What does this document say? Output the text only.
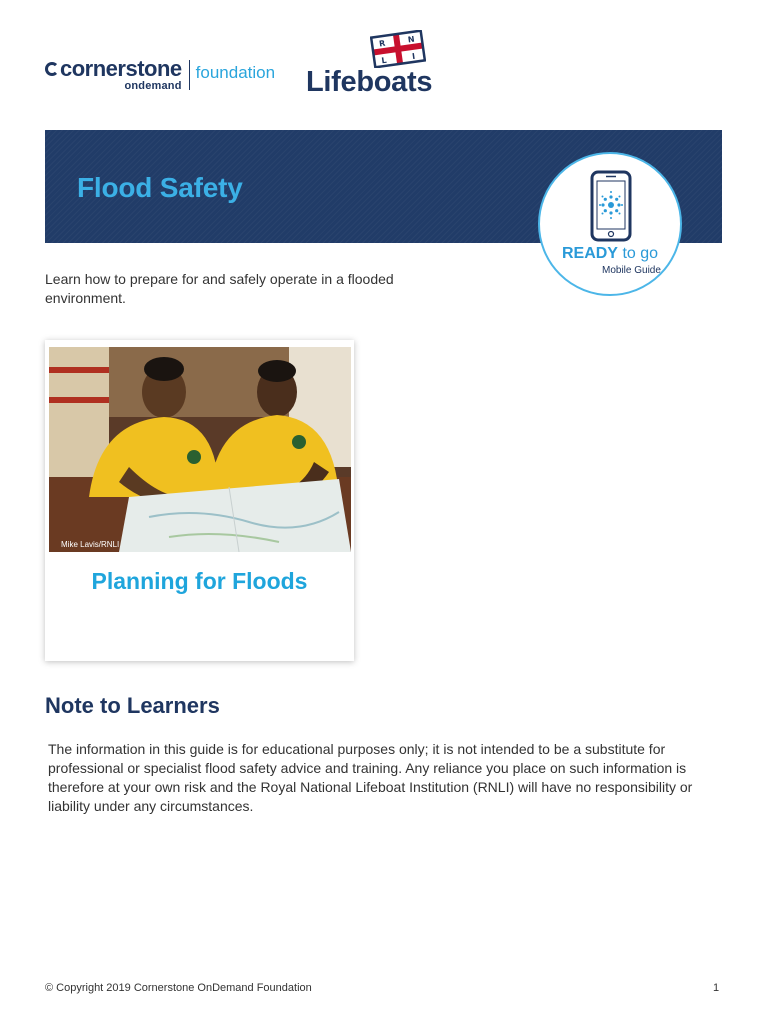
cornerstone
ondemand
foundation
R	N
L	I
Lifeboats
Flood Safety
READY to go
Mobile Guide
Learn how to prepare for and safely operate in a flooded environment.
Mike Lavis/RNLI
Planning for Floods
Note to Learners
The information in this guide is for educational purposes only; it is not intended to be a substitute for professional or specialist flood safety advice and training. Any reliance you place on such information is therefore at your own risk and the Royal National Lifeboat Institution (RNLI) will have no responsibility or liability under any circumstances.
© Copyright 2019 Cornerstone OnDemand Foundation	1
